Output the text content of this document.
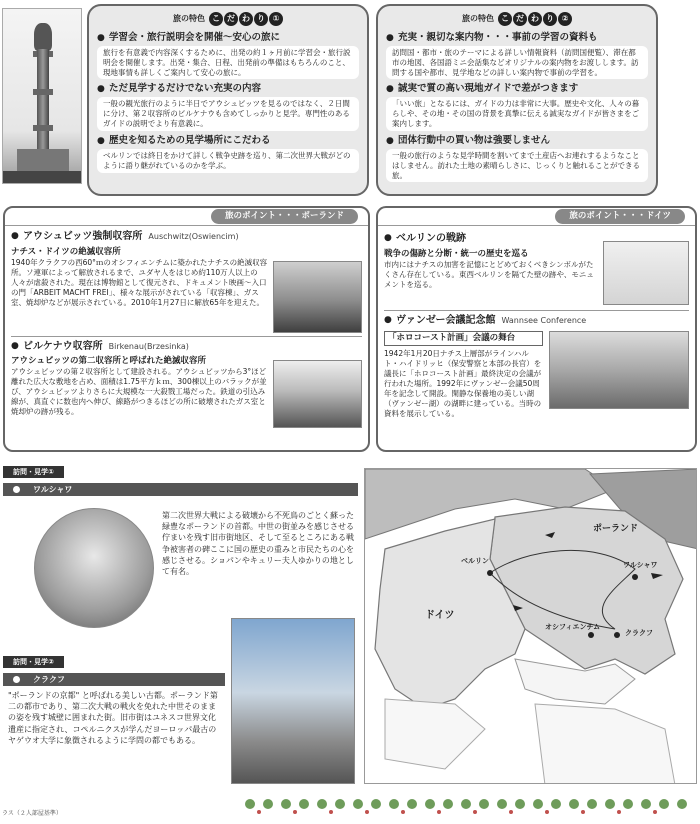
旅の特色 こ だ わ り ①
● 学習会・旅行説明会を開催～安心の旅に
旅行を有意義で内容深くするために、出発の約１ヶ月前に学習会・旅行説明会を開催します。出発・集合、日程、出発前の準備はもちろんのこと、現地事情も詳しくご案内して安心の旅に。
● ただ見学するだけでない充実の内容
一般の観光旅行のように半日でアウシュビッツを見るのではなく、２日間に分け、第２収容所のビルケナウも含めてしっかりと見学。専門性のあるガイドの説明でより有意義に。
● 歴史を知るための見学場所にこだわる
ベルリンでは終日をかけて詳しく戦争史跡を巡り、第二次世界大戦がどのように語り継がれているのかを学ぶ。
旅の特色 こ だ わ り ②
● 充実・親切な案内物・・・事前の学習の資料も
訪問国・都市・旅のテーマによる詳しい情報資料（訪問国便覧）、滞在都市の地図、各国語ミニ会話集などオリジナルの案内物をお渡しします。訪問する国や都市、見学地などの詳しい案内物で事前の学習を。
● 誠実で質の高い現地ガイドで差がつきます
「いい旅」となるには、ガイドの力は非常に大事。歴史や文化、人々の暮らしや、その地・その国の背景を真摯に伝える誠実なガイドが皆さまをご案内します。
● 団体行動中の買い物は強要しません
一般の旅行のような見学時間を割いてまで土産店へお連れするようなことはしません。訪れた土地の素晴らしさに、じっくりと触れることができる旅。
旅のポイント・・・ポーランド
● アウシュビッツ強制収容所 Auschwitz(Oswiencim)
ナチス・ドイツの絶滅収容所
1940年クラクフの西60°ｍのオシフィエンチムに築かれたナチスの絶滅収容所。ソ連軍によって解放されるまで、ユダヤ人をはじめ約110万人以上の人々が虐殺された。現在は博物館として復元され、ドキュメント映画～入口の門「ARBEIT MACHT FREI」、様々な展示がされている「収容棟」、ガス室、焼却炉などが展示されている。2010年1月27日に解放65年を迎えた。
● ビルケナウ収容所 Birkenau(Brzesinka)
アウシュビッツの第二収容所と呼ばれた絶滅収容所
アウシュビッツの第２収容所として建設される。アウシュビッツから3°ほど離れた広大な敷地を占め、面積は1.75平方ｋｍ、300棟以上のバラックが並び、アウシュビッツよりさらに大規模な一大殺戮工場だった。鉄道の引込み線が、真直ぐに数也内へ伸び、線路がつきるほどの所に破壊されたガス室と焼却炉の跡が残る。
旅のポイント・・・ドイツ
● ベルリンの戦跡
戦争の傷跡と分断・統一の歴史を巡る
市内にはナチスの加害を記憶にとどめておくべきシンボルがたくさん存在している。東西ベルリンを隔てた壁の跡や、モニュメントを巡る。
● ヴァンゼー会議記念館 Wannsee Conference
「ホロコースト計画」会議の舞台
1942年1月20日ナチス上層部がラインハルト・ハイドリッヒ（保安警察と本部の長官）を議長に「ホロコースト計画」最終決定の会議が行われた場所。1992年にヴァンゼー会議50周年を記念して開設。閑静な保養地の美しい湖（ヴァンゼー湖）の湖畔に建っている。当時の資料を展示している。
訪問・見学①
ワルシャワ
第二次世界大戦による破壊から不死鳥のごとく蘇った緑豊なポーランドの首都。中世の街並みを感じさせる佇まいを残す旧市街地区、そして至るところにある戦争被害者の碑ここに国の歴史の重みと市民たちの心を感じさせる。ショパンやキュリー夫人ゆかりの地として有名。
訪問・見学②
クラクフ
"ポーランドの京都" と呼ばれる美しい古都。ポーランド第二の都市であり、第二次大戦の戦火を免れた中世そのままの姿を残す城壁に囲まれた街。旧市街はユネスコ世界文化遺産に指定され、コペルニクスが学んだヨーロッパ最古のヤゲウオ大学に象徴されるように学問の都でもある。
ポーランド
ドイツ
ベルリン	ワルシャワ
オシフィエンチム
クラクフ
ラス（２人部屋基準）
